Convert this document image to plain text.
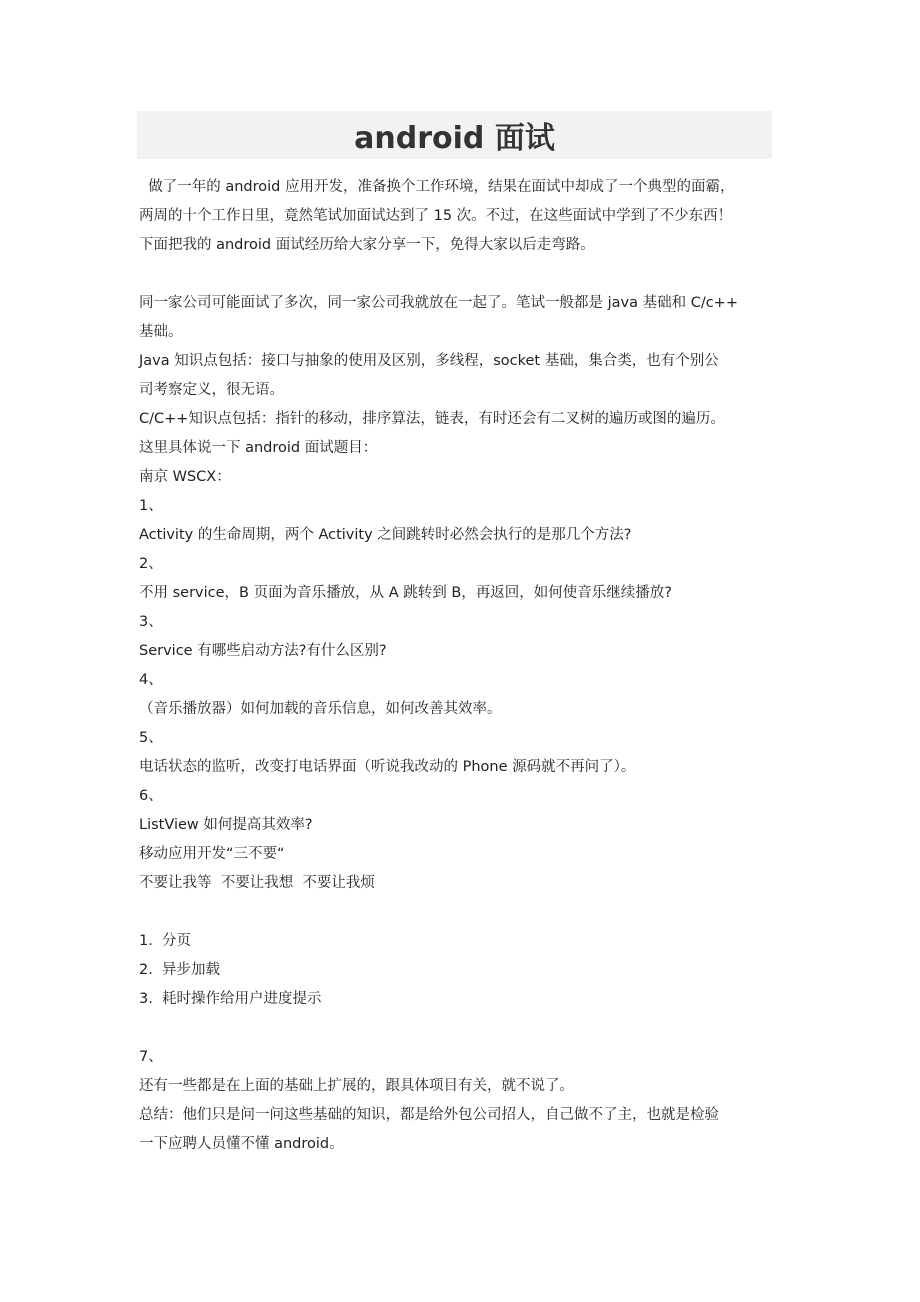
android 面试
做了一年的 android 应用开发，准备换个工作环境，结果在面试中却成了一个典型的面霸，
两周的十个工作日里，竟然笔试加面试达到了 15 次。不过，在这些面试中学到了不少东西！
下面把我的 android 面试经历给大家分享一下，免得大家以后走弯路。
同一家公司可能面试了多次，同一家公司我就放在一起了。笔试一般都是 java 基础和 C/c++
基础。
Java 知识点包括：接口与抽象的使用及区别，多线程，socket 基础，集合类，也有个别公
司考察定义，很无语。
C/C++知识点包括：指针的移动，排序算法，链表，有时还会有二叉树的遍历或图的遍历。
这里具体说一下 android 面试题目：
南京 WSCX：
1、
Activity 的生命周期，两个 Activity 之间跳转时必然会执行的是那几个方法?
2、
不用 service，B 页面为音乐播放，从 A 跳转到 B，再返回，如何使音乐继续播放?
3、
Service 有哪些启动方法?有什么区别?
4、
（音乐播放器）如何加载的音乐信息，如何改善其效率。
5、
电话状态的监听，改变打电话界面（听说我改动的 Phone 源码就不再问了）。
6、
ListView 如何提高其效率?
移动应用开发“三不要“
不要让我等  不要让我想  不要让我烦
1.  分页
2.  异步加载
3.  耗时操作给用户进度提示
7、
还有一些都是在上面的基础上扩展的，跟具体项目有关，就不说了。
总结：他们只是问一问这些基础的知识，都是给外包公司招人，自己做不了主，也就是检验
一下应聘人员懂不懂 android。
